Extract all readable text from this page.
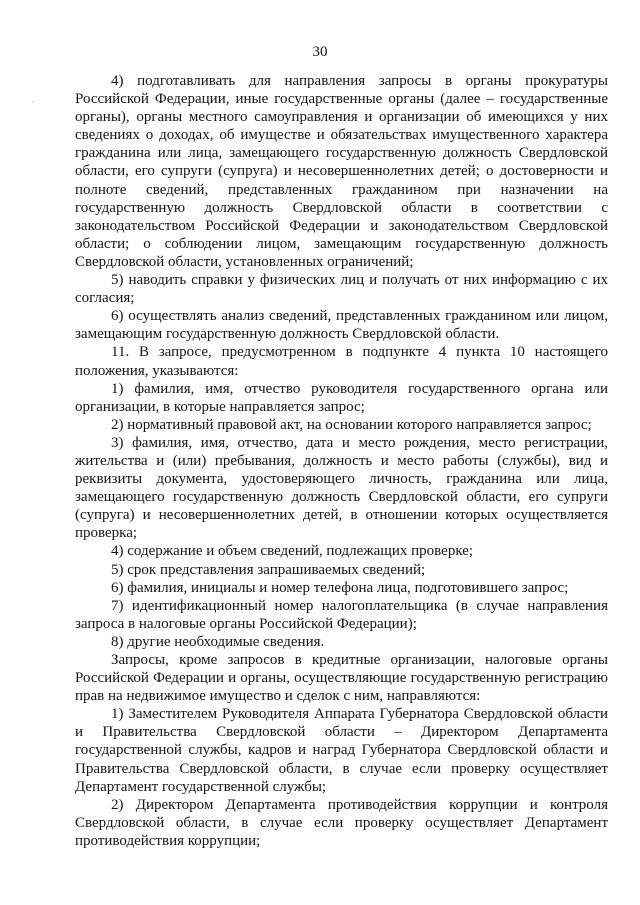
·
30

4) подготавливать для направления запросы в органы прокуратуры Российской Федерации, иные государственные органы (далее – государственные органы), органы местного самоуправления и организации об имеющихся у них сведениях о доходах, об имуществе и обязательствах имущественного характера гражданина или лица, замещающего государственную должность Свердловской области, его супруги (супруга) и несовершеннолетних детей; о достоверности и полноте сведений, представленных гражданином при назначении на государственную должность Свердловской области в соответствии с законодательством Российской Федерации и законодательством Свердловской области; о соблюдении лицом, замещающим государственную должность Свердловской области, установленных ограничений;

5) наводить справки у физических лиц и получать от них информацию с их согласия;

6) осуществлять анализ сведений, представленных гражданином или лицом, замещающим государственную должность Свердловской области.

11. В запросе, предусмотренном в подпункте 4 пункта 10 настоящего положения, указываются:

1) фамилия, имя, отчество руководителя государственного органа или организации, в которые направляется запрос;

2) нормативный правовой акт, на основании которого направляется запрос;

3) фамилия, имя, отчество, дата и место рождения, место регистрации, жительства и (или) пребывания, должность и место работы (службы), вид и реквизиты документа, удостоверяющего личность, гражданина или лица, замещающего государственную должность Свердловской области, его супруги (супруга) и несовершеннолетних детей, в отношении которых осуществляется проверка;

4) содержание и объем сведений, подлежащих проверке;

5) срок представления запрашиваемых сведений;

6) фамилия, инициалы и номер телефона лица, подготовившего запрос;

7) идентификационный номер налогоплательщика (в случае направления запроса в налоговые органы Российской Федерации);

8) другие необходимые сведения.

Запросы, кроме запросов в кредитные организации, налоговые органы Российской Федерации и органы, осуществляющие государственную регистрацию прав на недвижимое имущество и сделок с ним, направляются:

1) Заместителем Руководителя Аппарата Губернатора Свердловской области и Правительства Свердловской области – Директором Департамента государственной службы, кадров и наград Губернатора Свердловской области и Правительства Свердловской области, в случае если проверку осуществляет Департамент государственной службы;

2) Директором Департамента противодействия коррупции и контроля Свердловской области, в случае если проверку осуществляет Департамент противодействия коррупции;
